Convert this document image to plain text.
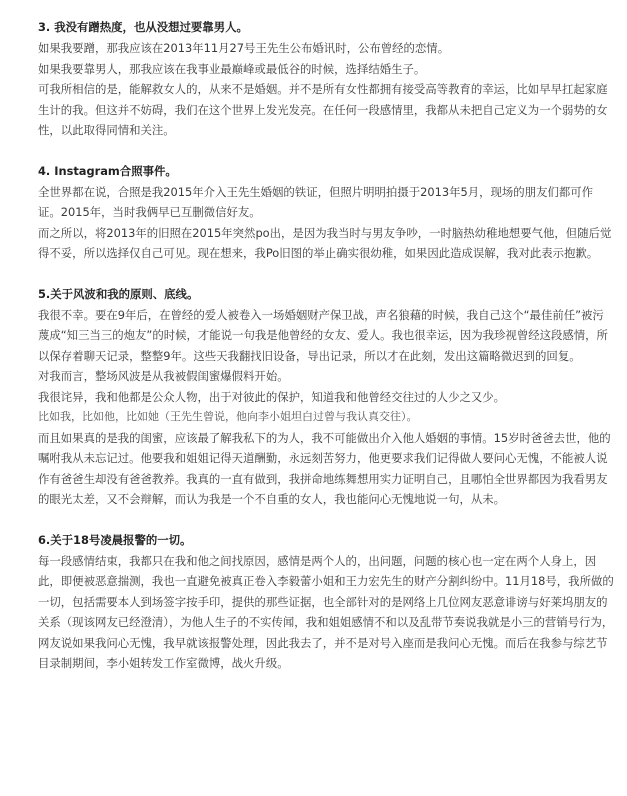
3. 我没有蹭热度，也从没想过要靠男人。

如果我要蹭，那我应该在2013年11月27号王先生公布婚讯时，公布曾经的恋情。

如果我要靠男人，那我应该在我事业最巅峰或最低谷的时候，选择结婚生子。

可我所相信的是，能解救女人的，从来不是婚姻。并不是所有女性都拥有接受高等教育的幸运，比如早早扛起家庭生计的我。但这并不妨碍，我们在这个世界上发光发亮。在任何一段感情里，我都从未把自己定义为一个弱势的女性，以此取得同情和关注。

4. Instagram合照事件。

全世界都在说，合照是我2015年介入王先生婚姻的铁证，但照片明明拍摄于2013年5月，现场的朋友们都可作证。2015年，当时我俩早已互删微信好友。

而之所以，将2013年的旧照在2015年突然po出，是因为我当时与男友争吵，一时脑热幼稚地想要气他，但随后觉得不妥，所以选择仅自己可见。现在想来，我Po旧图的举止确实很幼稚，如果因此造成误解，我对此表示抱歉。

5.关于风波和我的原则、底线。

我很不幸。要在9年后，在曾经的爱人被卷入一场婚姻财产保卫战，声名狼藉的时候，我自己这个“最佳前任”被污蔑成“知三当三的炮友”的时候，才能说一句我是他曾经的女友、爱人。我也很幸运，因为我珍视曾经这段感情，所以保存着聊天记录，整整9年。这些天我翻找旧设备，导出记录，所以才在此刻，发出这篇略微迟到的回复。

对我而言，整场风波是从我被假闺蜜爆假料开始。

我很诧异，我和他都是公众人物，出于对彼此的保护，知道我和他曾经交往过的人少之又少。

比如我，比如他，比如她（王先生曾说，他向李小姐坦白过曾与我认真交往）。

而且如果真的是我的闺蜜，应该最了解我私下的为人，我不可能做出介入他人婚姻的事情。15岁时爸爸去世，他的嘱咐我从未忘记过。他要我和姐姐记得天道酬勤，永远刻苦努力，他更要求我们记得做人要问心无愧，不能被人说作有爸爸生却没有爸爸教养。我真的一直有做到，我拼命地练舞想用实力证明自己，且哪怕全世界都因为我看男友的眼光太差，又不会辩解，而认为我是一个不自重的女人，我也能问心无愧地说一句，从未。

6.关于18号凌晨报警的一切。

每一段感情结束，我都只在我和他之间找原因，感情是两个人的，出问题，问题的核心也一定在两个人身上，因此，即便被恶意揣测，我也一直避免被真正卷入李毅蕾小姐和王力宏先生的财产分割纠纷中。11月18号，我所做的一切，包括需要本人到场签字按手印，提供的那些证据，也全部针对的是网络上几位网友恶意诽谤与好莱坞朋友的关系（现该网友已经澄清），为他人生子的不实传闻，我和姐姐感情不和以及乱带节奏说我就是小三的营销号行为，网友说如果我问心无愧，我早就该报警处理，因此我去了，并不是对号入座而是我问心无愧。而后在我参与综艺节目录制期间，李小姐转发工作室微博，战火升级。
